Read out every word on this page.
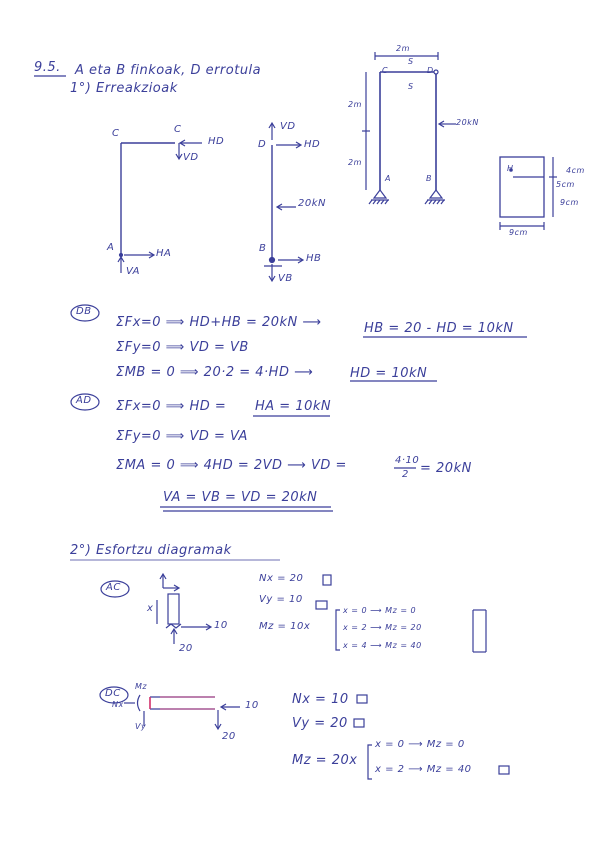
9.5. A eta B finkoak, D errotula
1°) Erreakzioak
2m
S
C	D
S
2m
2m
20kN
A	B
H	4cm
5cm
9cm
9cm
C
HD
C
VD
A
HA
VA
VD
D	HD
20kN
B
HB
VB
DB
ΣFx=0 ⟹ HD+HB = 20kN ⟶	HB = 20 - HD = 10kN
ΣFy=0 ⟹ VD = VB
ΣMB = 0 ⟹ 20·2 = 4·HD ⟶	HD = 10kN
AD ΣFx=0 ⟹ HD = HA = 10kN
ΣFy=0 ⟹ VD = VA
ΣMA = 0 ⟹ 4HD = 2VD ⟶ VD =	4·10
2 = 20kN
VA = VB = VD = 20kN
2°) Esfortzu diagramak
AC
x
10
20
Nx = 20
Vy = 10
Mz = 10x
x = 0 ⟶ Mz = 0
x = 2 ⟶ Mz = 20
x = 4 ⟶ Mz = 40
DC
Mz
Nx
Vy
10
20
Nx = 10
Vy = 20
Mz = 20x
x = 0 ⟶ Mz = 0
x = 2 ⟶ Mz = 40
